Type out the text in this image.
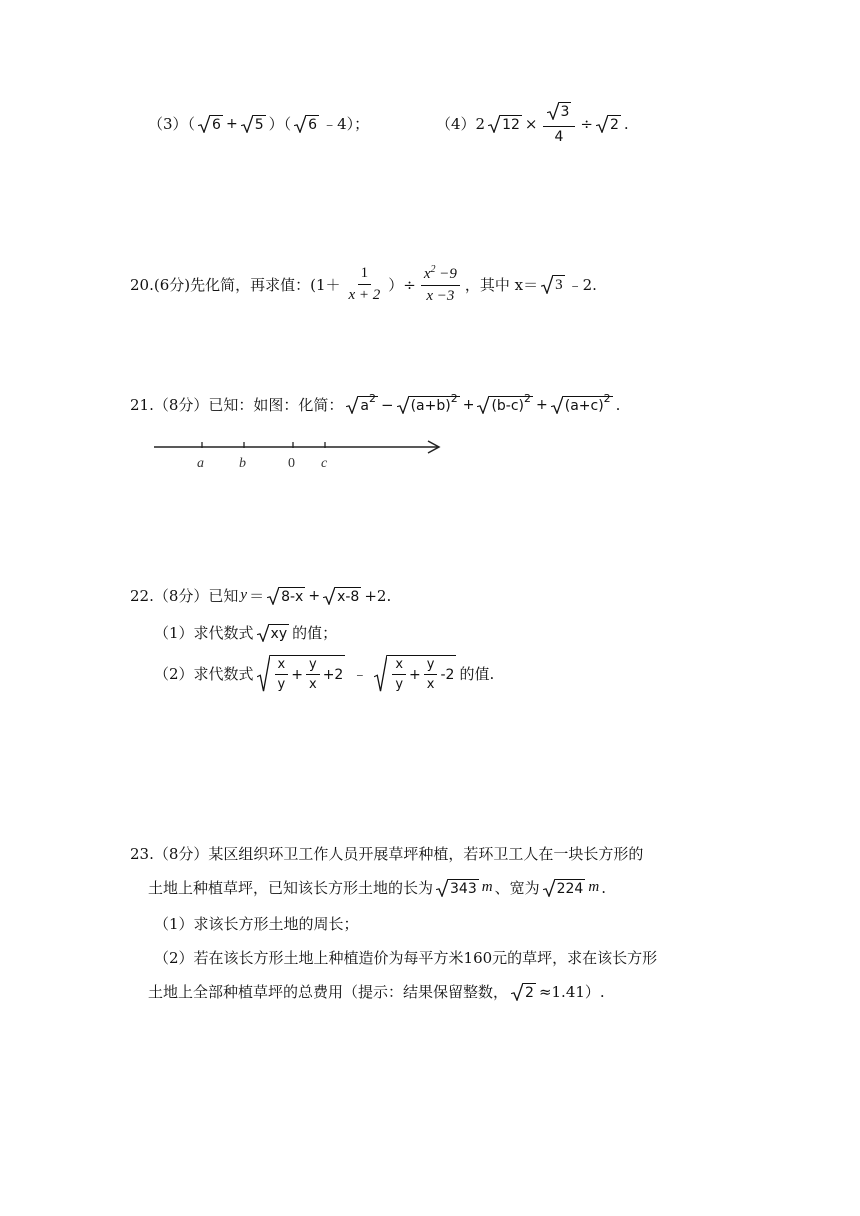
（3）（ 6 + 5 ）（ 6 ﹣4）；	（4）2 $12 \times \frac{3}{4} \div 2$ .
20.(6分)先化简，再求值：($1+ \frac{1}{x + 2}$ ）÷ $\frac{x^2 -9}{x -3}$ ，其中 x＝ 3 ﹣2.
21.（8分）已知：如图：化简： a 2 − (a+b) 2 + (b-c) 2 + (a+c) 2 .
a	b	0 c
22.（8分）已知 y ＝ 8-x + x-8 +2.
（1）求代数式 xy 的值；
（2）求代数式 $\frac{x}{y} + \frac{y}{x} +2$ ﹣ $\frac{x}{y} + \frac{y}{x} -2$ 的值.
23.（8分）某区组织环卫工作人员开展草坪种植，若环卫工人在一块长方形的
土地上种植草坪，已知该长方形土地的长为 343 m 、宽为 224 m .
（1）求该长方形土地的周长；
（2）若在该长方形土地上种植造价为每平方米160元的草坪，求在该长方形
土地上全部种植草坪的总费用（提示：结果保留整数， 2 ≈1.41）.
